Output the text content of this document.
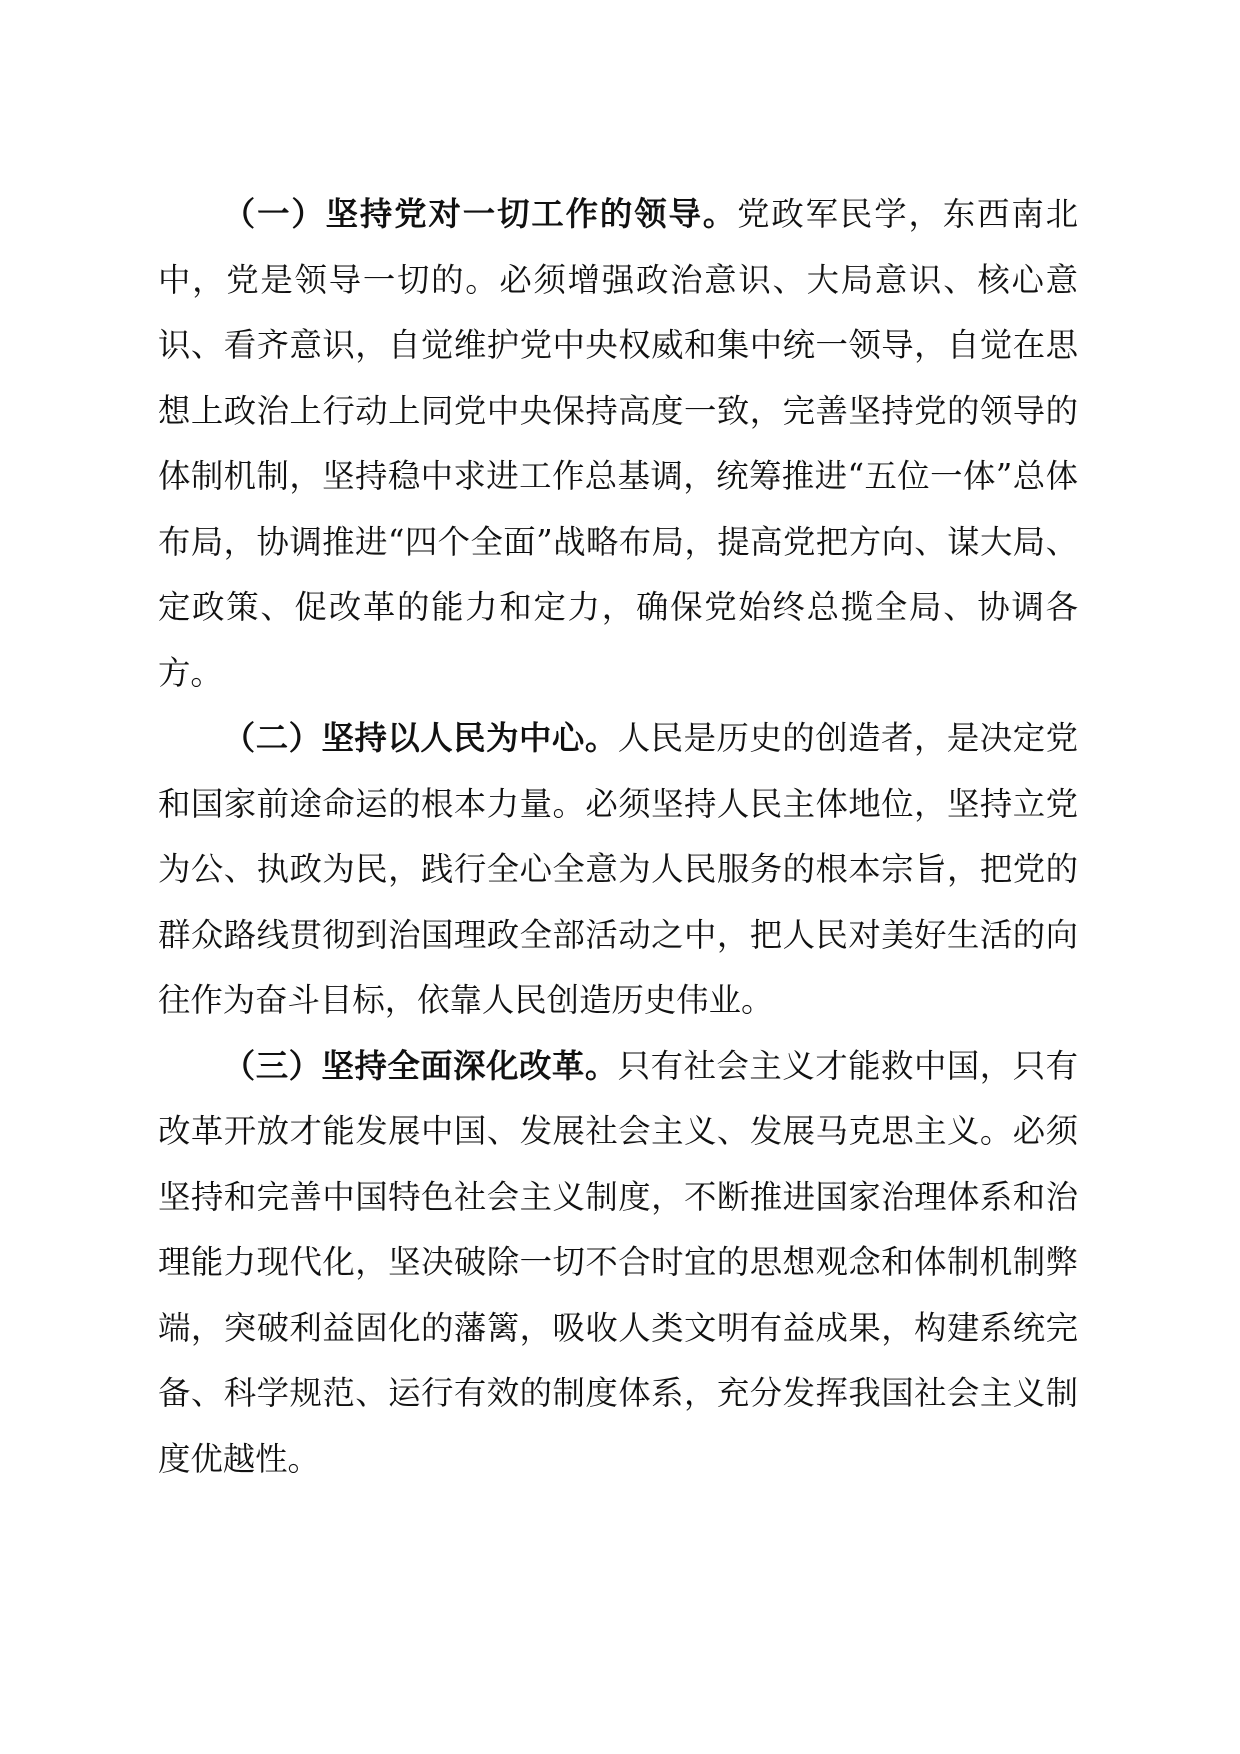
（一）坚持党对一切工作的领导。党政军民学，东西南北中，党是领导一切的。必须增强政治意识、大局意识、核心意识、看齐意识，自觉维护党中央权威和集中统一领导，自觉在思想上政治上行动上同党中央保持高度一致，完善坚持党的领导的体制机制，坚持稳中求进工作总基调，统筹推进“五位一体”总体布局，协调推进“四个全面”战略布局，提高党把方向、谋大局、定政策、促改革的能力和定力，确保党始终总揽全局、协调各方。

（二）坚持以人民为中心。人民是历史的创造者，是决定党和国家前途命运的根本力量。必须坚持人民主体地位，坚持立党为公、执政为民，践行全心全意为人民服务的根本宗旨，把党的群众路线贯彻到治国理政全部活动之中，把人民对美好生活的向往作为奋斗目标，依靠人民创造历史伟业。

（三）坚持全面深化改革。只有社会主义才能救中国，只有改革开放才能发展中国、发展社会主义、发展马克思主义。必须坚持和完善中国特色社会主义制度，不断推进国家治理体系和治理能力现代化，坚决破除一切不合时宜的思想观念和体制机制弊端，突破利益固化的藩篱，吸收人类文明有益成果，构建系统完备、科学规范、运行有效的制度体系，充分发挥我国社会主义制度优越性。
